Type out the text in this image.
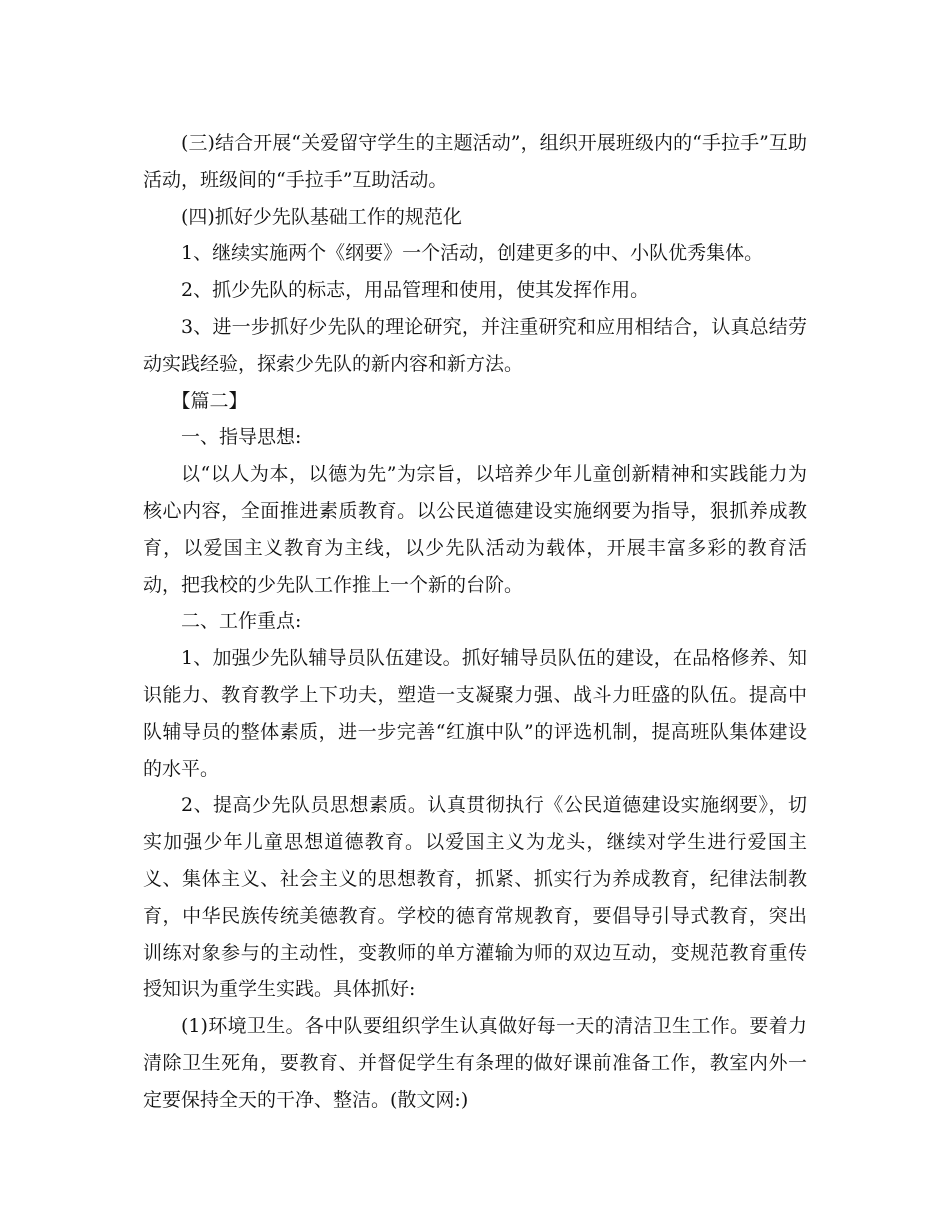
(三)结合开展“关爱留守学生的主题活动”，组织开展班级内的“手拉手”互助活动，班级间的“手拉手”互助活动。

(四)抓好少先队基础工作的规范化

1、继续实施两个《纲要》一个活动，创建更多的中、小队优秀集体。

2、抓少先队的标志，用品管理和使用，使其发挥作用。

3、进一步抓好少先队的理论研究，并注重研究和应用相结合，认真总结劳动实践经验，探索少先队的新内容和新方法。

【篇二】

一、指导思想:

以“以人为本，以德为先”为宗旨，以培养少年儿童创新精神和实践能力为核心内容，全面推进素质教育。以公民道德建设实施纲要为指导，狠抓养成教育，以爱国主义教育为主线，以少先队活动为载体，开展丰富多彩的教育活动，把我校的少先队工作推上一个新的台阶。

二、工作重点:

1、加强少先队辅导员队伍建设。抓好辅导员队伍的建设，在品格修养、知识能力、教育教学上下功夫，塑造一支凝聚力强、战斗力旺盛的队伍。提高中队辅导员的整体素质，进一步完善“红旗中队”的评选机制，提高班队集体建设的水平。

2、提高少先队员思想素质。认真贯彻执行《公民道德建设实施纲要》，切实加强少年儿童思想道德教育。以爱国主义为龙头，继续对学生进行爱国主义、集体主义、社会主义的思想教育，抓紧、抓实行为养成教育，纪律法制教育，中华民族传统美德教育。学校的德育常规教育，要倡导引导式教育，突出训练对象参与的主动性，变教师的单方灌输为师的双边互动，变规范教育重传授知识为重学生实践。具体抓好:

(1)环境卫生。各中队要组织学生认真做好每一天的清洁卫生工作。要着力清除卫生死角，要教育、并督促学生有条理的做好课前准备工作，教室内外一定要保持全天的干净、整洁。(散文网:)
